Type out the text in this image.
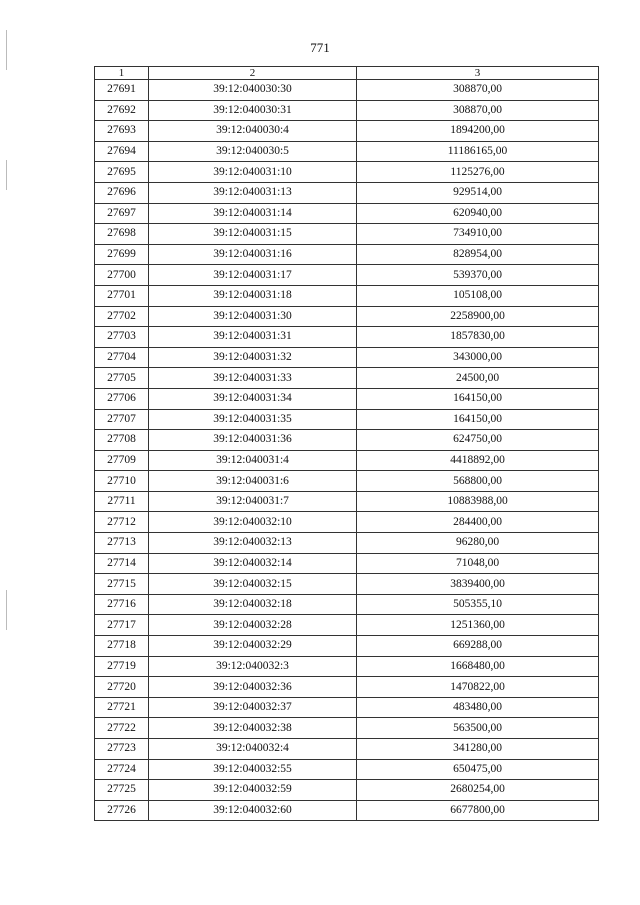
771
1	2	3
27691	39:12:040030:30	308870,00
27692	39:12:040030:31	308870,00
27693	39:12:040030:4	1894200,00
27694	39:12:040030:5	11186165,00
27695	39:12:040031:10	1125276,00
27696	39:12:040031:13	929514,00
27697	39:12:040031:14	620940,00
27698	39:12:040031:15	734910,00
27699	39:12:040031:16	828954,00
27700	39:12:040031:17	539370,00
27701	39:12:040031:18	105108,00
27702	39:12:040031:30	2258900,00
27703	39:12:040031:31	1857830,00
27704	39:12:040031:32	343000,00
27705	39:12:040031:33	24500,00
27706	39:12:040031:34	164150,00
27707	39:12:040031:35	164150,00
27708	39:12:040031:36	624750,00
27709	39:12:040031:4	4418892,00
27710	39:12:040031:6	568800,00
27711	39:12:040031:7	10883988,00
27712	39:12:040032:10	284400,00
27713	39:12:040032:13	96280,00
27714	39:12:040032:14	71048,00
27715	39:12:040032:15	3839400,00
27716	39:12:040032:18	505355,10
27717	39:12:040032:28	1251360,00
27718	39:12:040032:29	669288,00
27719	39:12:040032:3	1668480,00
27720	39:12:040032:36	1470822,00
27721	39:12:040032:37	483480,00
27722	39:12:040032:38	563500,00
27723	39:12:040032:4	341280,00
27724	39:12:040032:55	650475,00
27725	39:12:040032:59	2680254,00
27726	39:12:040032:60	6677800,00
